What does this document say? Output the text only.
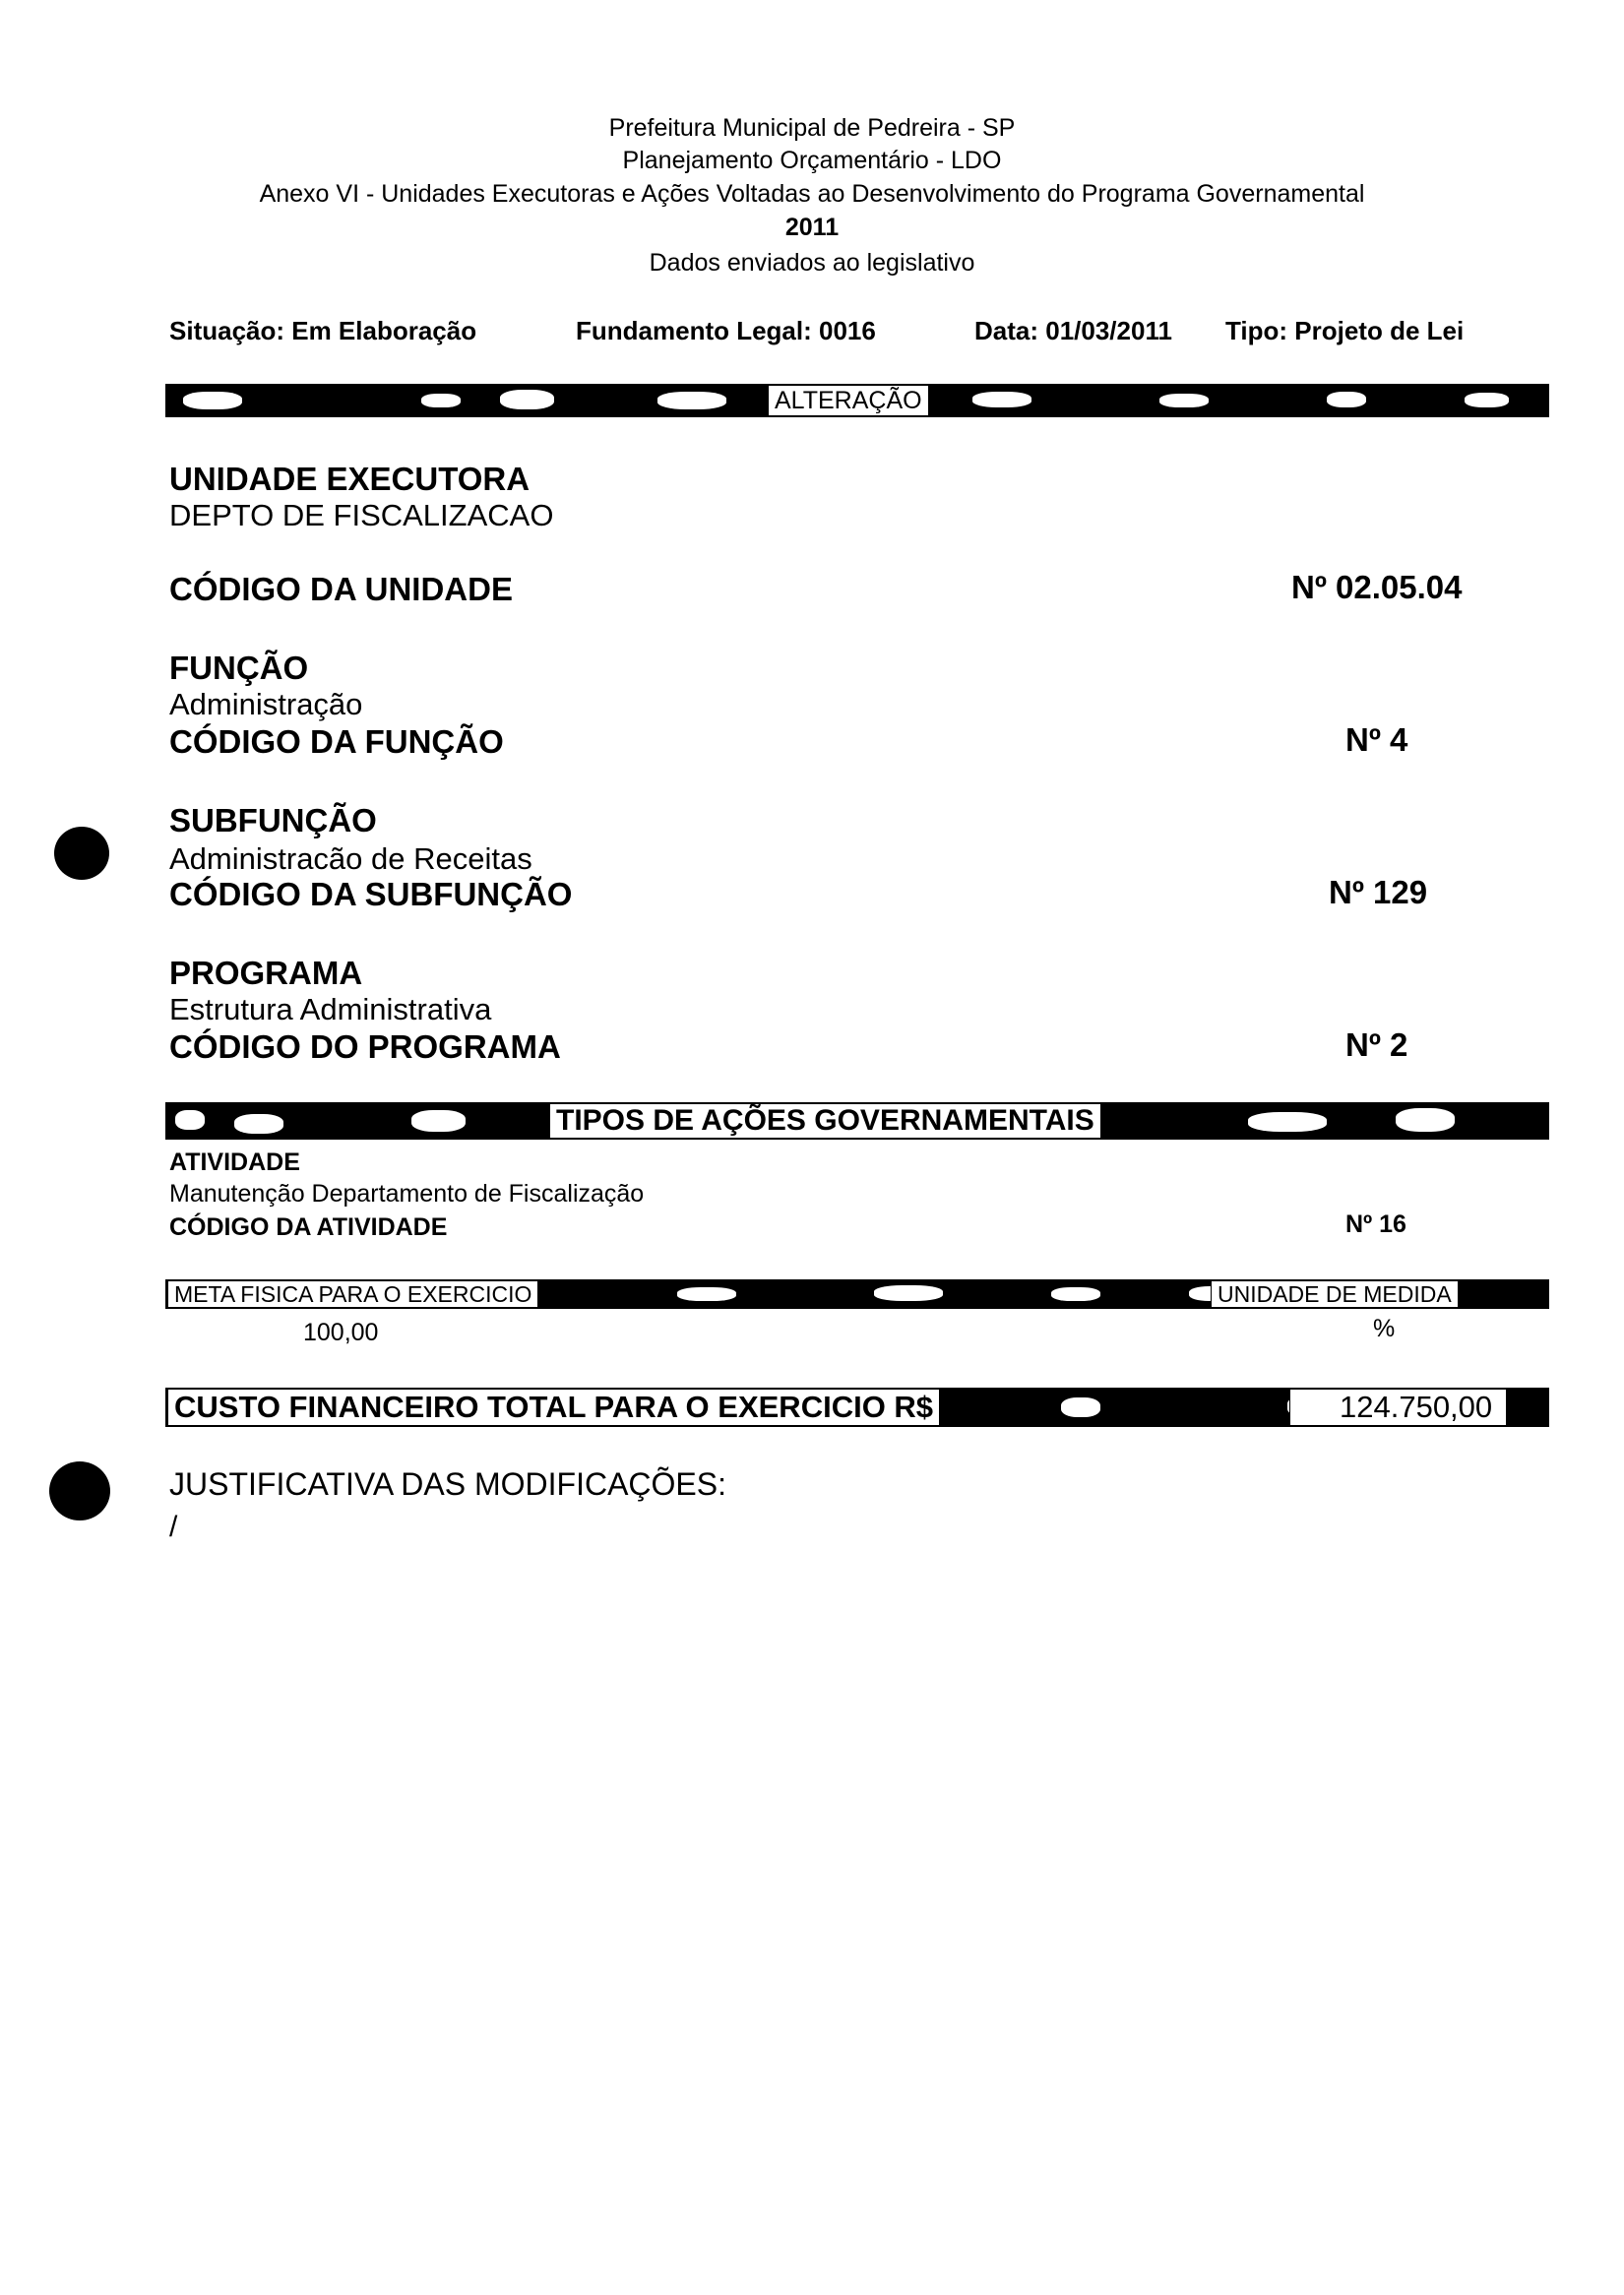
Prefeitura Municipal de Pedreira - SP
Planejamento Orçamentário - LDO
Anexo VI - Unidades Executoras e Ações Voltadas ao Desenvolvimento do Programa Governamental
2011
Dados enviados ao legislativo
Situação: Em Elaboração	Fundamento Legal: 0016	Data: 01/03/2011 Tipo: Projeto de Lei
ALTERAÇÃO
UNIDADE EXECUTORA
DEPTO DE FISCALIZACAO
CÓDIGO DA UNIDADE	Nº 02.05.04
FUNÇÃO
Administração
CÓDIGO DA FUNÇÃO	Nº 4
SUBFUNÇÃO
Administracão de Receitas
CÓDIGO DA SUBFUNÇÃO	Nº 129
PROGRAMA
Estrutura Administrativa
CÓDIGO DO PROGRAMA	Nº 2
TIPOS DE AÇÕES GOVERNAMENTAIS
ATIVIDADE
Manutenção Departamento de Fiscalização
CÓDIGO DA ATIVIDADE	Nº 16
META FISICA PARA O EXERCICIO	UNIDADE DE MEDIDA
100,00	%
CUSTO FINANCEIRO TOTAL PARA O EXERCICIO R$	124.750,00
JUSTIFICATIVA DAS MODIFICAÇÕES:
/
